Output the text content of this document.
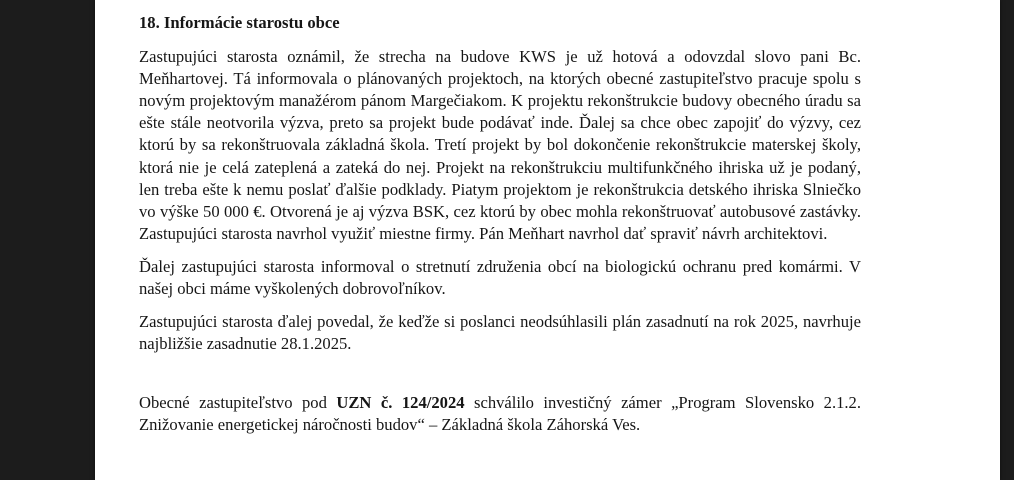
18. Informácie starostu obce

Zastupujúci starosta oznámil, že strecha na budove KWS je už hotová a odovzdal slovo pani Bc. Meňhartovej. Tá informovala o plánovaných projektoch, na ktorých obecné zastupiteľstvo pracuje spolu s novým projektovým manažérom pánom Margečiakom. K projektu rekonštrukcie budovy obecného úradu sa ešte stále neotvorila výzva, preto sa projekt bude podávať inde. Ďalej sa chce obec zapojiť do výzvy, cez ktorú by sa rekonštruovala základná škola. Tretí projekt by bol dokončenie rekonštrukcie materskej školy, ktorá nie je celá zateplená a zateká do nej. Projekt na rekonštrukciu multifunkčného ihriska už je podaný, len treba ešte k nemu poslať ďalšie podklady. Piatym projektom je rekonštrukcia detského ihriska Slniečko vo výške 50 000 €. Otvorená je aj výzva BSK, cez ktorú by obec mohla rekonštruovať autobusové zastávky. Zastupujúci starosta navrhol využiť miestne firmy. Pán Meňhart navrhol dať spraviť návrh architektovi.

Ďalej zastupujúci starosta informoval o stretnutí združenia obcí na biologickú ochranu pred komármi. V našej obci máme vyškolených dobrovoľníkov.

Zastupujúci starosta ďalej povedal, že keďže si poslanci neodsúhlasili plán zasadnutí na rok 2025, navrhuje najbližšie zasadnutie 28.1.2025.

Obecné zastupiteľstvo pod UZN č. 124/2024 schválilo investičný zámer „Program Slovensko 2.1.2. Znižovanie energetickej náročnosti budov“ – Základná škola Záhorská Ves.
